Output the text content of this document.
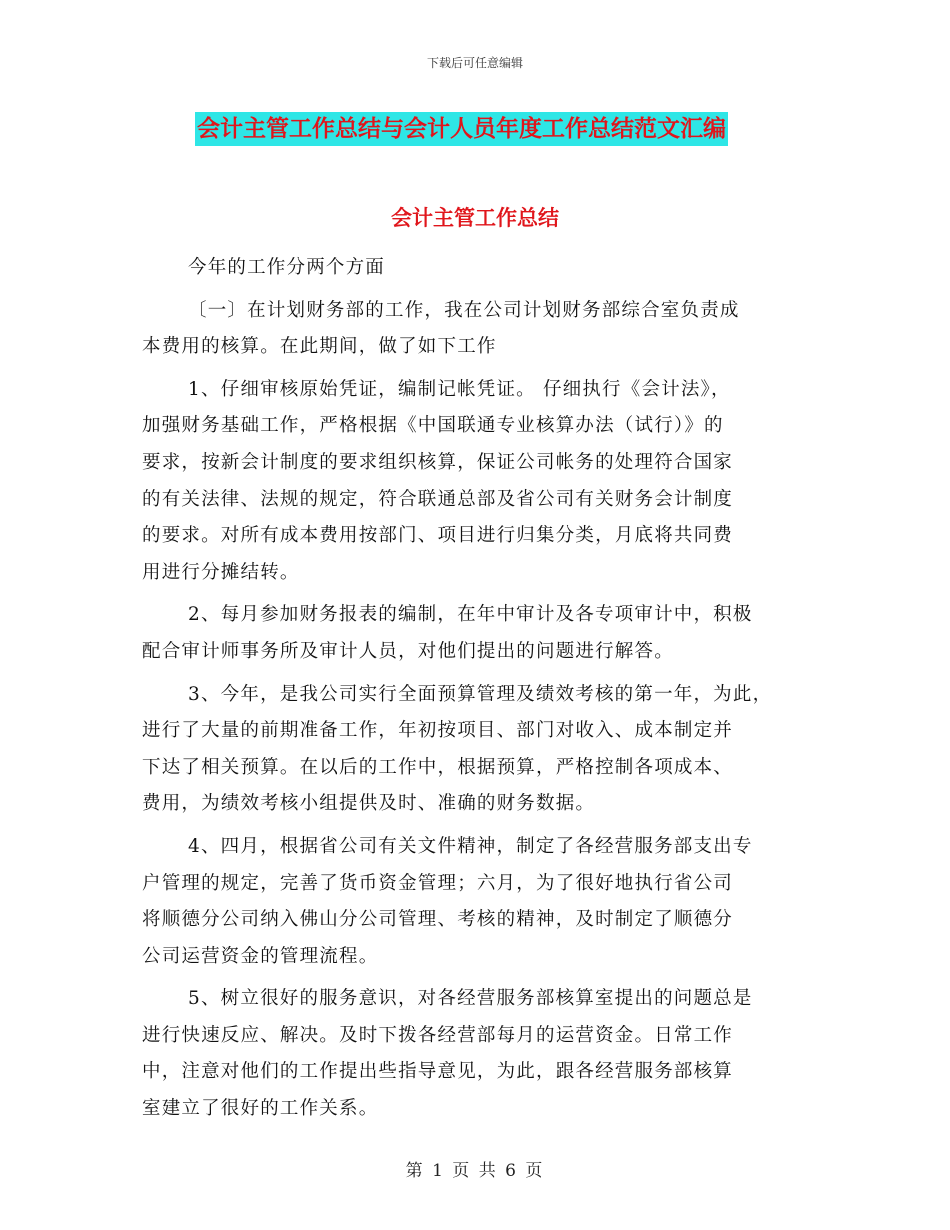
下载后可任意编辑
会计主管工作总结与会计人员年度工作总结范文汇编
会计主管工作总结
今年的工作分两个方面
〔一〕在计划财务部的工作，我在公司计划财务部综合室负责成
本费用的核算。在此期间，做了如下工作
1、仔细审核原始凭证，编制记帐凭证。 仔细执行《会计法》，
加强财务基础工作，严格根据《中国联通专业核算办法（试行）》的
要求，按新会计制度的要求组织核算，保证公司帐务的处理符合国家
的有关法律、法规的规定，符合联通总部及省公司有关财务会计制度
的要求。对所有成本费用按部门、项目进行归集分类，月底将共同费
用进行分摊结转。
2、每月参加财务报表的编制，在年中审计及各专项审计中，积极
配合审计师事务所及审计人员，对他们提出的问题进行解答。
3、今年，是我公司实行全面预算管理及绩效考核的第一年，为此，
进行了大量的前期准备工作，年初按项目、部门对收入、成本制定并
下达了相关预算。在以后的工作中，根据预算，严格控制各项成本、
费用，为绩效考核小组提供及时、准确的财务数据。
4、四月，根据省公司有关文件精神，制定了各经营服务部支出专
户管理的规定，完善了货币资金管理；六月，为了很好地执行省公司
将顺德分公司纳入佛山分公司管理、考核的精神，及时制定了顺德分
公司运营资金的管理流程。
5、树立很好的服务意识，对各经营服务部核算室提出的问题总是
进行快速反应、解决。及时下拨各经营部每月的运营资金。日常工作
中，注意对他们的工作提出些指导意见，为此，跟各经营服务部核算
室建立了很好的工作关系。
第 1 页 共 6 页
